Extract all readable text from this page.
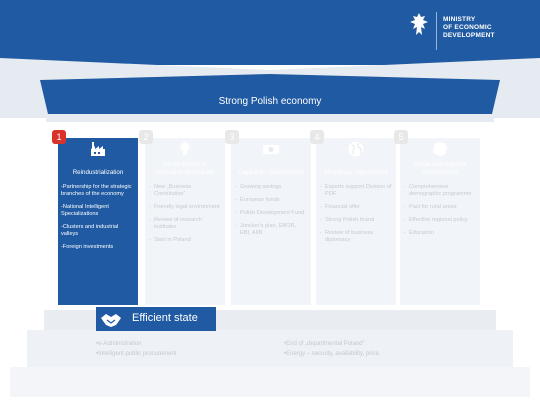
MINISTRY
OF ECONOMIC
DEVELOPMENT
Strong Polish economy
1
Reindustrialization
-Partnership for the strategic branches of the economy
-National Intelligent Specializations
-Clusters and industrial valleys
-Foreign investments
2
Development of innovative companies
- New „Business Constitution”
- Friendly legal environment
- Review of research institutes
- Start in Poland
3
Capital for development
- Growing savings
- European funds
- Polish Development Fund
- Juncker's plan, EBOR, EBI, AIIB
4
Ekspansja zagraniczna
- Exports support Division of PDF
- Financial offer
- Strong Polish brand
- Review of business diplomacy
5
Social and regional development
- Comprehensive demographic programme
- Pact for rural areas
- Effective regional policy
- Education
Efficient state
•e-Administration
•Intelligent public procurement
•End of „departmental Poland”
•Energy – security, availability, price
